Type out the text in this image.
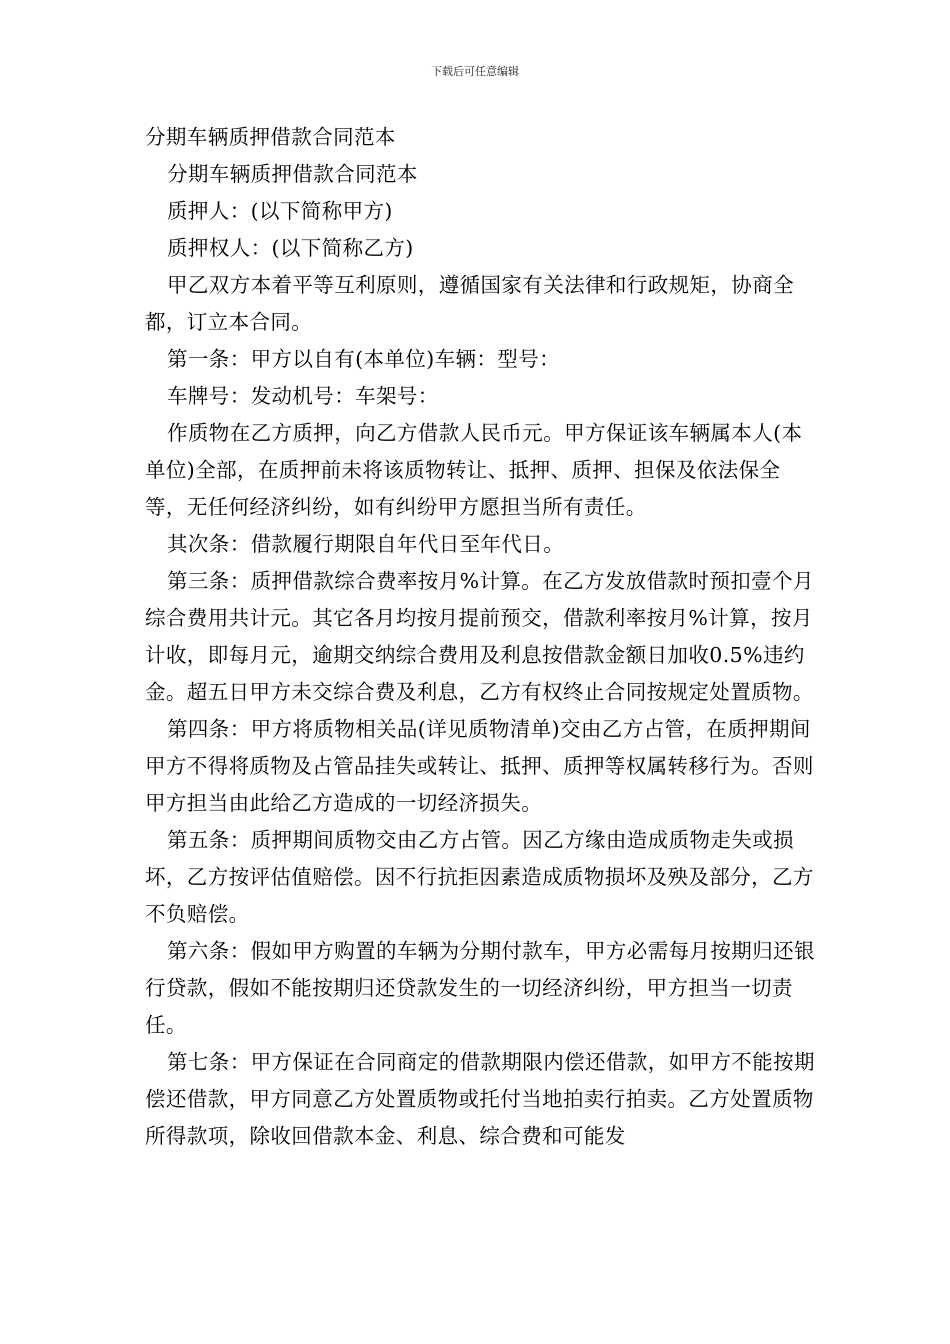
下载后可任意编辑

分期车辆质押借款合同范本

分期车辆质押借款合同范本

质押人：(以下简称甲方)

质押权人：(以下简称乙方)

甲乙双方本着平等互利原则，遵循国家有关法律和行政规矩，协商全都，订立本合同。

第一条：甲方以自有(本单位)车辆：型号：

车牌号：发动机号：车架号：

作质物在乙方质押，向乙方借款人民币元。甲方保证该车辆属本人(本单位)全部，在质押前未将该质物转让、抵押、质押、担保及依法保全等，无任何经济纠纷，如有纠纷甲方愿担当所有责任。

其次条：借款履行期限自年代日至年代日。

第三条：质押借款综合费率按月%计算。在乙方发放借款时预扣壹个月综合费用共计元。其它各月均按月提前预交，借款利率按月%计算，按月计收，即每月元，逾期交纳综合费用及利息按借款金额日加收0.5%违约金。超五日甲方未交综合费及利息，乙方有权终止合同按规定处置质物。

第四条：甲方将质物相关品(详见质物清单)交由乙方占管，在质押期间甲方不得将质物及占管品挂失或转让、抵押、质押等权属转移行为。否则甲方担当由此给乙方造成的一切经济损失。

第五条：质押期间质物交由乙方占管。因乙方缘由造成质物走失或损坏，乙方按评估值赔偿。因不行抗拒因素造成质物损坏及殃及部分，乙方不负赔偿。

第六条：假如甲方购置的车辆为分期付款车，甲方必需每月按期归还银行贷款，假如不能按期归还贷款发生的一切经济纠纷，甲方担当一切责任。

第七条：甲方保证在合同商定的借款期限内偿还借款，如甲方不能按期偿还借款，甲方同意乙方处置质物或托付当地拍卖行拍卖。乙方处置质物所得款项，除收回借款本金、利息、综合费和可能发
